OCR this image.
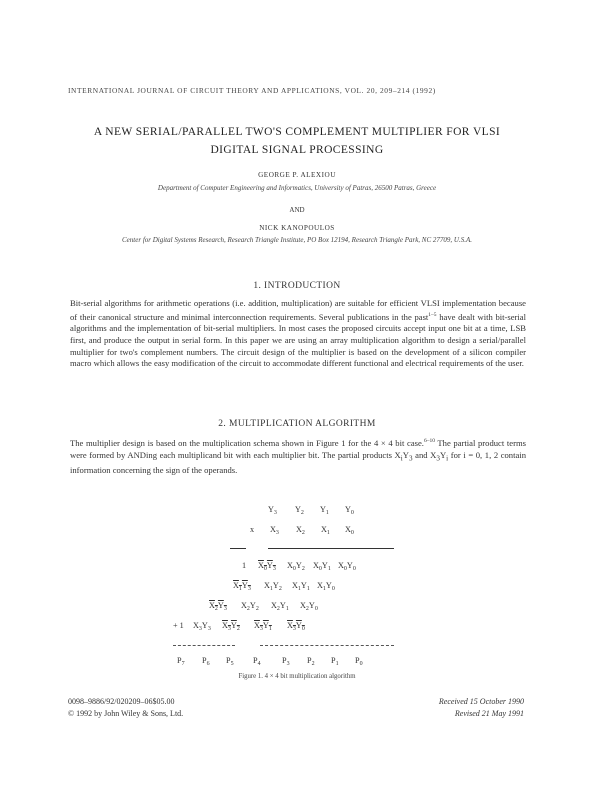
INTERNATIONAL JOURNAL OF CIRCUIT THEORY AND APPLICATIONS, VOL. 20, 209–214 (1992)
A NEW SERIAL/PARALLEL TWO'S COMPLEMENT MULTIPLIER FOR VLSI
DIGITAL SIGNAL PROCESSING
GEORGE P. ALEXIOU
Department of Computer Engineering and Informatics, University of Patras, 26500 Patras, Greece
AND
NICK KANOPOULOS
Center for Digital Systems Research, Research Triangle Institute, PO Box 12194, Research Triangle Park, NC 27709, U.S.A.
1. INTRODUCTION
Bit-serial algorithms for arithmetic operations (i.e. addition, multiplication) are suitable for efficient VLSI implementation because of their canonical structure and minimal interconnection requirements. Several publications in the past$^{1-5}$ have dealt with bit-serial algorithms and the implementation of bit-serial multipliers. In most cases the proposed circuits accept input one bit at a time, LSB first, and produce the output in serial form. In this paper we are using an array multiplication algorithm to design a serial/parallel multiplier for two's complement numbers. The circuit design of the multiplier is based on the development of a silicon compiler macro which allows the easy modification of the circuit to accommodate different functional and electrical requirements of the user.
2. MULTIPLICATION ALGORITHM
The multiplier design is based on the multiplication schema shown in Figure 1 for the 4 × 4 bit case.$^{6-10}$ The partial product terms were formed by ANDing each multiplicand bit with each multiplier bit. The partial products $X_iY_3$ and $X_3Y_i$ for i = 0, 1, 2 contain information concerning the sign of the operands.
$Y_3$ $Y_2$ $Y_1$ $Y_0$
x $X_3$ $X_2$ $X_1$ $X_0$
1 $X_0Y_3$ $X_0Y_2$ $X_0Y_1$ $X_0Y_0$
$X_1Y_3$ $X_1Y_2$ $X_1Y_1$ $X_1Y_0$
$X_2Y_3$ $X_2Y_2$ $X_2Y_1$ $X_2Y_0$
+ 1 $X_3Y_3$ $X_3Y_2$ $X_3Y_1$ $X_3Y_0$
$P_7$ $P_6$ $P_5$ $P_4$	$P_3$ $P_2$ $P_1$ $P_0$
Figure 1. 4 × 4 bit multiplication algorithm
0098–9886/92/020209–06$05.00
© 1992 by John Wiley & Sons, Ltd.
Received 15 October 1990
Revised 21 May 1991
